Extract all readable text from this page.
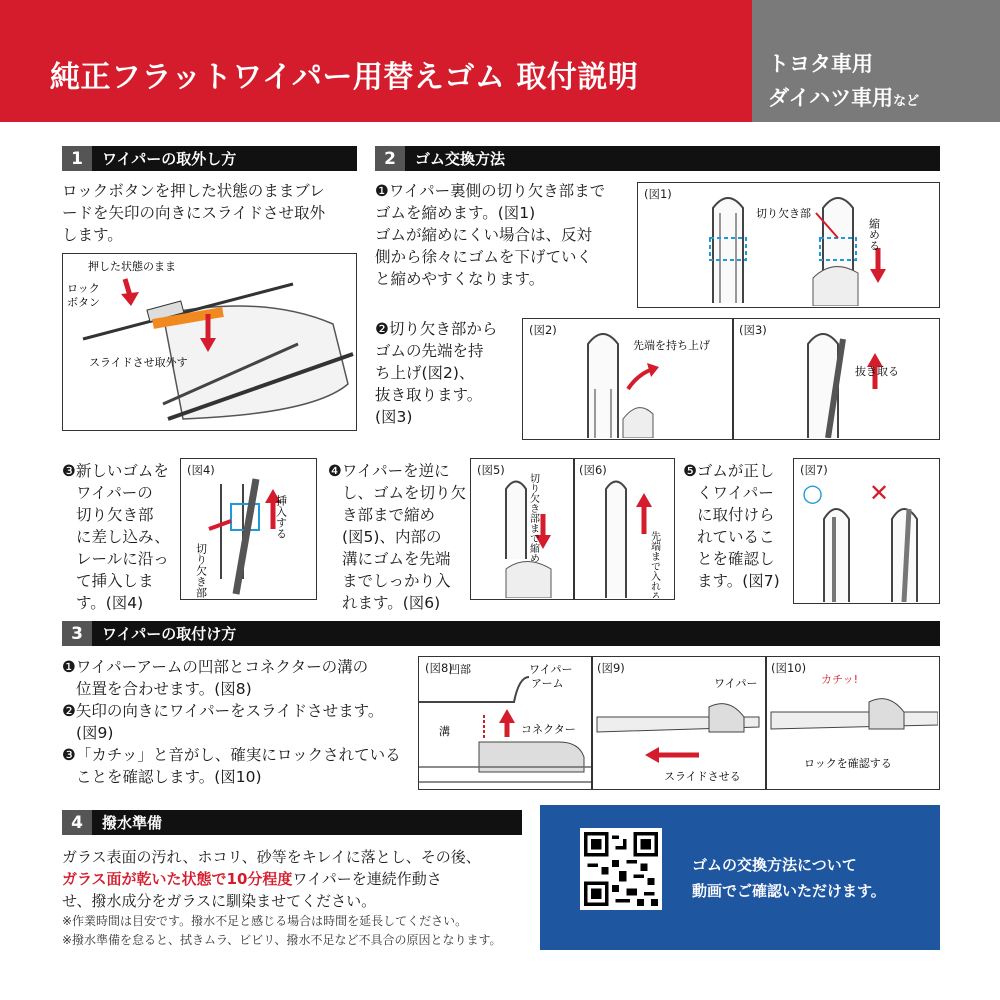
純正フラットワイパー用替えゴム 取付説明	トヨタ車用
ダイハツ車用など
1	ワイパーの取外し方
ロックボタンを押した状態のままブレ
ードを矢印の向きにスライドさせ取外
します。
押した状態のまま
ロック
ボタン
スライドさせ取外す
2	ゴム交換方法
❶ワイパー裏側の切り欠き部まで
ゴムを縮めます。(図1)
ゴムが縮めにくい場合は、反対
側から徐々にゴムを下げていく
と縮めやすくなります。
(図1)
切り欠き部
縮める
❷切り欠き部から
ゴムの先端を持
ち上げ(図2)、
抜き取ります。
(図3)
(図2)	(図3)
先端を持ち上げ
抜き取る
❸新しいゴムを
ワイパーの
切り欠き部
に差し込み、
レールに沿っ
て挿入しま
す。(図4)
(図4)
挿入する
切り欠き部
❹ワイパーを逆に
し、ゴムを切り欠
き部まで縮め
(図5)、内部の
溝にゴムを先端
までしっかり入
れます。(図6)
(図5)	(図6)
切り欠き部まで縮め
先端まで入れる
❺ゴムが正し
くワイパー
に取付けら
れているこ
とを確認し
ます。(図7)
(図7)
○ ✕
3	ワイパーの取付け方
❶ワイパーアームの凹部とコネクターの溝の
位置を合わせます。(図8)
❷矢印の向きにワイパーをスライドさせます。
(図9)
❸「カチッ」と音がし、確実にロックされている
ことを確認します。(図10)
(図8)	(図9)	(図10)
凹部	ワイパー
アーム
溝	コネクター
ワイパー
スライドさせる
カチッ!
ロックを確認する
4	撥水準備
ガラス表面の汚れ、ホコリ、砂等をキレイに落とし、その後、
ガラス面が乾いた状態で10分程度ワイパーを連続作動さ
せ、撥水成分をガラスに馴染ませてください。
※作業時間は目安です。撥水不足と感じる場合は時間を延長してください。
※撥水準備を怠ると、拭きムラ、ビビリ、撥水不足など不具合の原因となります。
ゴムの交換方法について
動画でご確認いただけます。
